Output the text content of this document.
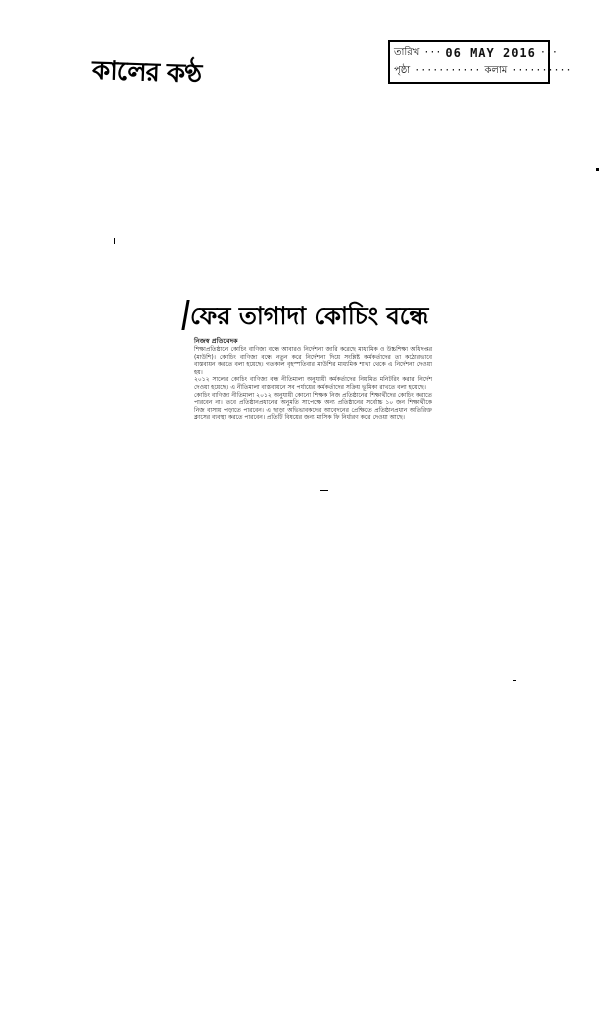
কালের কণ্ঠ
তারিখ ··· 06 MAY 2016 ···
পৃষ্ঠা ··········· কলাম ··········
ফের তাগাদা কোচিং বন্ধে
নিজস্ব প্রতিবেদক

শিক্ষাপ্রতিষ্ঠানে কোচিং বাণিজ্য বন্ধে আবারও নির্দেশনা জারি করেছে মাধ্যমিক ও উচ্চশিক্ষা অধিদপ্তর (মাউশি)। কোচিং বাণিজ্য বন্ধে নতুন করে নির্দেশনা দিয়ে সংশ্লিষ্ট কর্মকর্তাদের তা কঠোরভাবে বাস্তবায়ন করতে বলা হয়েছে। গতকাল বৃহস্পতিবার মাউশির মাধ্যমিক শাখা থেকে এ নির্দেশনা দেওয়া হয়।

২০১২ সালের কোচিং বাণিজ্য বন্ধ নীতিমালা অনুযায়ী কর্মকর্তাদের নিয়মিত মনিটরিং করার নির্দেশ দেওয়া হয়েছে। এ নীতিমালা বাস্তবায়নে সব পর্যায়ের কর্মকর্তাদের সক্রিয় ভূমিকা রাখতে বলা হয়েছে।

কোচিং বাণিজ্য নীতিমালা ২০১২ অনুযায়ী কোনো শিক্ষক নিজ প্রতিষ্ঠানের শিক্ষার্থীদের কোচিং করাতে পারবেন না। তবে প্রতিষ্ঠানপ্রধানের অনুমতি সাপেক্ষে অন্য প্রতিষ্ঠানের সর্বোচ্চ ১০ জন শিক্ষার্থীকে নিজ বাসায় পড়াতে পারবেন। এ ছাড়া অভিভাবকদের আবেদনের প্রেক্ষিতে প্রতিষ্ঠানপ্রধান অতিরিক্ত ক্লাসের ব্যবস্থা করতে পারবেন। প্রতিটি বিষয়ের জন্য মাসিক ফি নির্ধারণ করে দেওয়া আছে।
